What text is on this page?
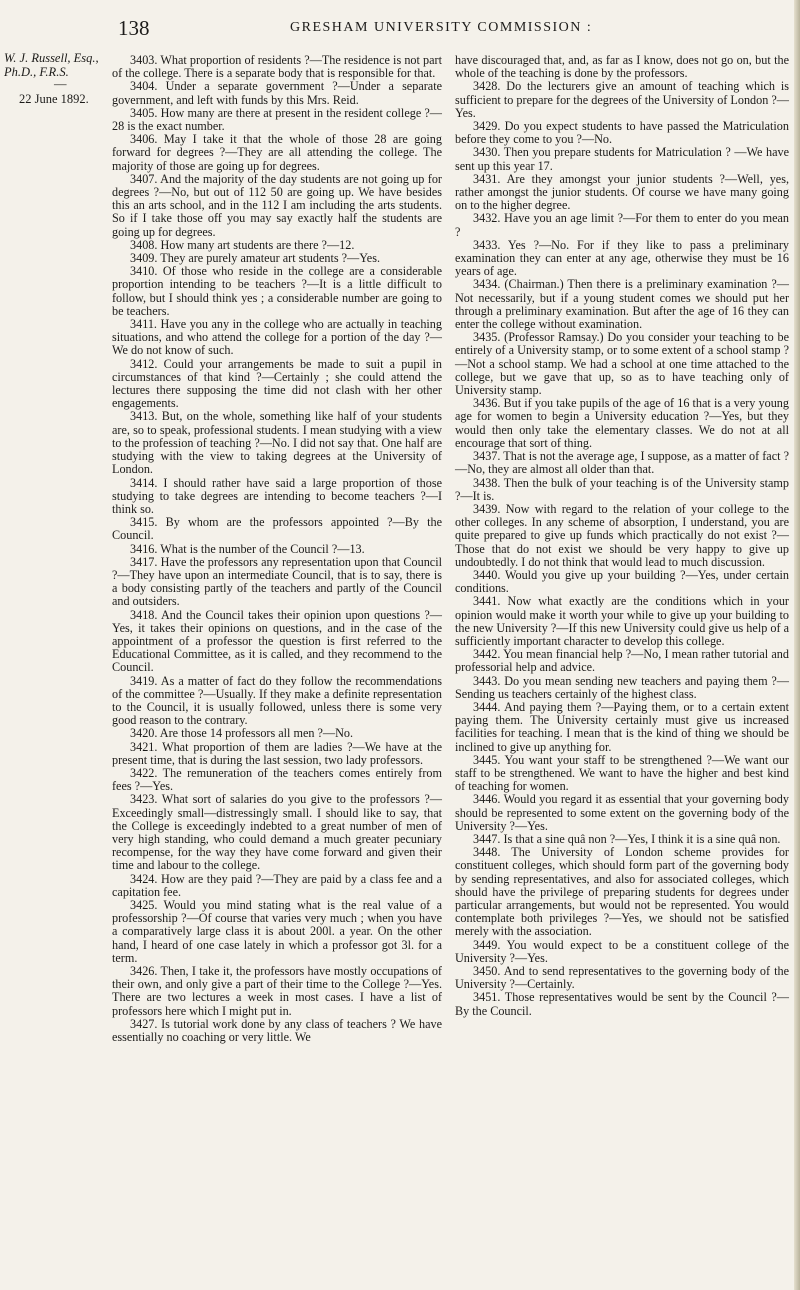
138	GRESHAM UNIVERSITY COMMISSION :
W. J. Russell, Esq., Ph.D., F.R.S.
—
22 June 1892.

3403. What proportion of residents ?—The residence is not part of the college. There is a separate body that is responsible for that.

3404. Under a separate government ?—Under a separate government, and left with funds by this Mrs. Reid.

3405. How many are there at present in the resident college ?—28 is the exact number.

3406. May I take it that the whole of those 28 are going forward for degrees ?—They are all attending the college. The majority of those are going up for degrees.

3407. And the majority of the day students are not going up for degrees ?—No, but out of 112 50 are going up. We have besides this an arts school, and in the 112 I am including the arts students. So if I take those off you may say exactly half the students are going up for degrees.

3408. How many art students are there ?—12.

3409. They are purely amateur art students ?—Yes.

3410. Of those who reside in the college are a considerable proportion intending to be teachers ?—It is a little difficult to follow, but I should think yes ; a considerable number are going to be teachers.

3411. Have you any in the college who are actually in teaching situations, and who attend the college for a portion of the day ?—We do not know of such.

3412. Could your arrangements be made to suit a pupil in circumstances of that kind ?—Certainly ; she could attend the lectures there supposing the time did not clash with her other engagements.

3413. But, on the whole, something like half of your students are, so to speak, professional students. I mean studying with a view to the profession of teaching ?—No. I did not say that. One half are studying with the view to taking degrees at the University of London.

3414. I should rather have said a large proportion of those studying to take degrees are intending to become teachers ?—I think so.

3415. By whom are the professors appointed ?—By the Council.

3416. What is the number of the Council ?—13.

3417. Have the professors any representation upon that Council ?—They have upon an intermediate Council, that is to say, there is a body consisting partly of the teachers and partly of the Council and outsiders.

3418. And the Council takes their opinion upon questions ?—Yes, it takes their opinions on questions, and in the case of the appointment of a professor the question is first referred to the Educational Committee, as it is called, and they recommend to the Council.

3419. As a matter of fact do they follow the recommendations of the committee ?—Usually. If they make a definite representation to the Council, it is usually followed, unless there is some very good reason to the contrary.

3420. Are those 14 professors all men ?—No.

3421. What proportion of them are ladies ?—We have at the present time, that is during the last session, two lady professors.

3422. The remuneration of the teachers comes entirely from fees ?—Yes.

3423. What sort of salaries do you give to the professors ?—Exceedingly small—distressingly small. I should like to say, that the College is exceedingly indebted to a great number of men of very high standing, who could demand a much greater pecuniary recompense, for the way they have come forward and given their time and labour to the college.

3424. How are they paid ?—They are paid by a class fee and a capitation fee.

3425. Would you mind stating what is the real value of a professorship ?—Of course that varies very much ; when you have a comparatively large class it is about 200l. a year. On the other hand, I heard of one case lately in which a professor got 3l. for a term.

3426. Then, I take it, the professors have mostly occupations of their own, and only give a part of their time to the College ?—Yes. There are two lectures a week in most cases. I have a list of professors here which I might put in.

3427. Is tutorial work done by any class of teachers ? We have essentially no coaching or very little. We

have discouraged that, and, as far as I know, does not go on, but the whole of the teaching is done by the professors.

3428. Do the lecturers give an amount of teaching which is sufficient to prepare for the degrees of the University of London ?—Yes.

3429. Do you expect students to have passed the Matriculation before they come to you ?—No.

3430. Then you prepare students for Matriculation ? —We have sent up this year 17.

3431. Are they amongst your junior students ?—Well, yes, rather amongst the junior students. Of course we have many going on to the higher degree.

3432. Have you an age limit ?—For them to enter do you mean ?

3433. Yes ?—No. For if they like to pass a preliminary examination they can enter at any age, otherwise they must be 16 years of age.

3434. (Chairman.) Then there is a preliminary examination ?—Not necessarily, but if a young student comes we should put her through a preliminary examination. But after the age of 16 they can enter the college without examination.

3435. (Professor Ramsay.) Do you consider your teaching to be entirely of a University stamp, or to some extent of a school stamp ?—Not a school stamp. We had a school at one time attached to the college, but we gave that up, so as to have teaching only of University stamp.

3436. But if you take pupils of the age of 16 that is a very young age for women to begin a University education ?—Yes, but they would then only take the elementary classes. We do not at all encourage that sort of thing.

3437. That is not the average age, I suppose, as a matter of fact ?—No, they are almost all older than that.

3438. Then the bulk of your teaching is of the University stamp ?—It is.

3439. Now with regard to the relation of your college to the other colleges. In any scheme of absorption, I understand, you are quite prepared to give up funds which practically do not exist ?—Those that do not exist we should be very happy to give up undoubtedly. I do not think that would lead to much discussion.

3440. Would you give up your building ?—Yes, under certain conditions.

3441. Now what exactly are the conditions which in your opinion would make it worth your while to give up your building to the new University ?—If this new University could give us help of a sufficiently important character to develop this college.

3442. You mean financial help ?—No, I mean rather tutorial and professorial help and advice.

3443. Do you mean sending new teachers and paying them ?—Sending us teachers certainly of the highest class.

3444. And paying them ?—Paying them, or to a certain extent paying them. The University certainly must give us increased facilities for teaching. I mean that is the kind of thing we should be inclined to give up anything for.

3445. You want your staff to be strengthened ?—We want our staff to be strengthened. We want to have the higher and best kind of teaching for women.

3446. Would you regard it as essential that your governing body should be represented to some extent on the governing body of the University ?—Yes.

3447. Is that a sine quâ non ?—Yes, I think it is a sine quâ non.

3448. The University of London scheme provides for constituent colleges, which should form part of the governing body by sending representatives, and also for associated colleges, which should have the privilege of preparing students for degrees under particular arrangements, but would not be represented. You would contemplate both privileges ?—Yes, we should not be satisfied merely with the association.

3449. You would expect to be a constituent college of the University ?—Yes.

3450. And to send representatives to the governing body of the University ?—Certainly.

3451. Those representatives would be sent by the Council ?—By the Council.
